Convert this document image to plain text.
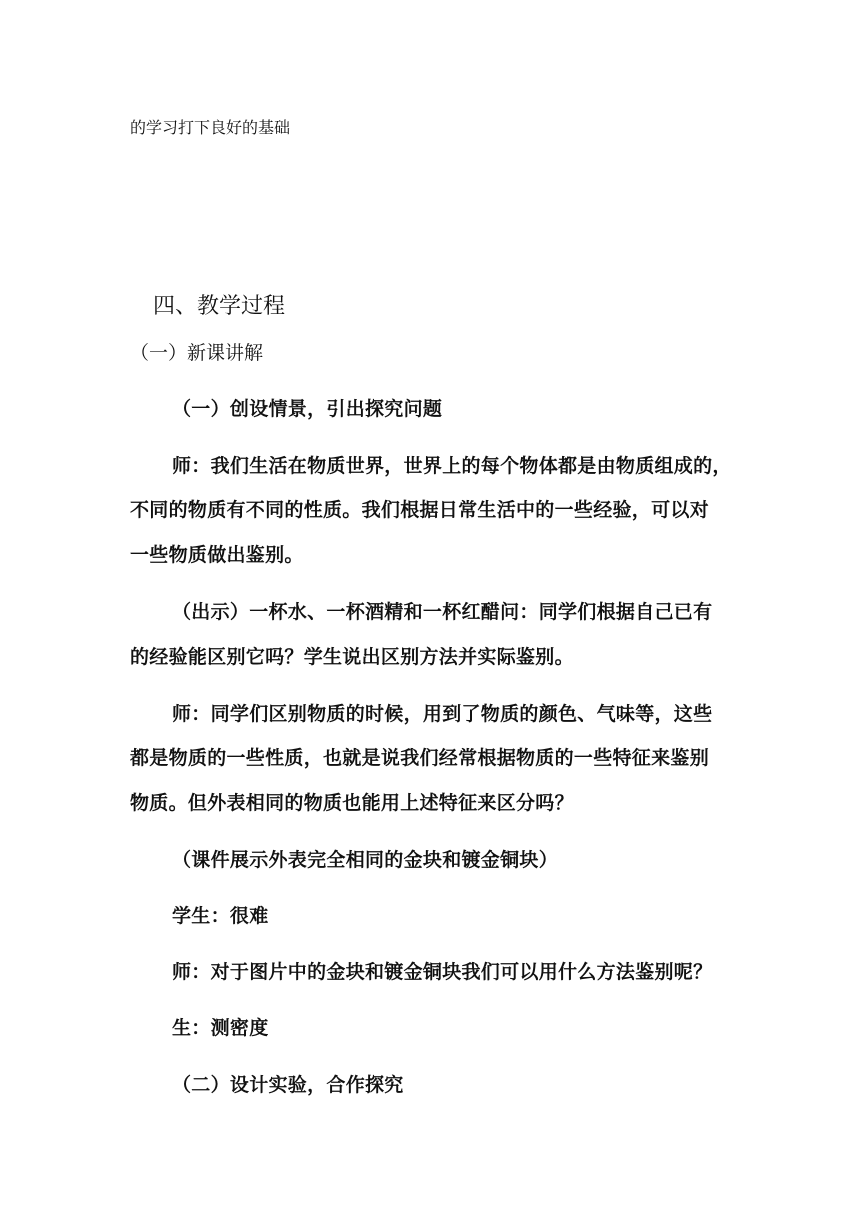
的学习打下良好的基础
四、教学过程
（一）新课讲解
（一）创设情景，引出探究问题
师：我们生活在物质世界，世界上的每个物体都是由物质组成的，
不同的物质有不同的性质。我们根据日常生活中的一些经验，可以对
一些物质做出鉴别。
（出示）一杯水、一杯酒精和一杯红醋问：同学们根据自己已有
的经验能区别它吗？学生说出区别方法并实际鉴别。
师：同学们区别物质的时候，用到了物质的颜色、气味等，这些
都是物质的一些性质，也就是说我们经常根据物质的一些特征来鉴别
物质。但外表相同的物质也能用上述特征来区分吗？
（课件展示外表完全相同的金块和镀金铜块）
学生：很难
师：对于图片中的金块和镀金铜块我们可以用什么方法鉴别呢？
生：测密度
（二）设计实验，合作探究
